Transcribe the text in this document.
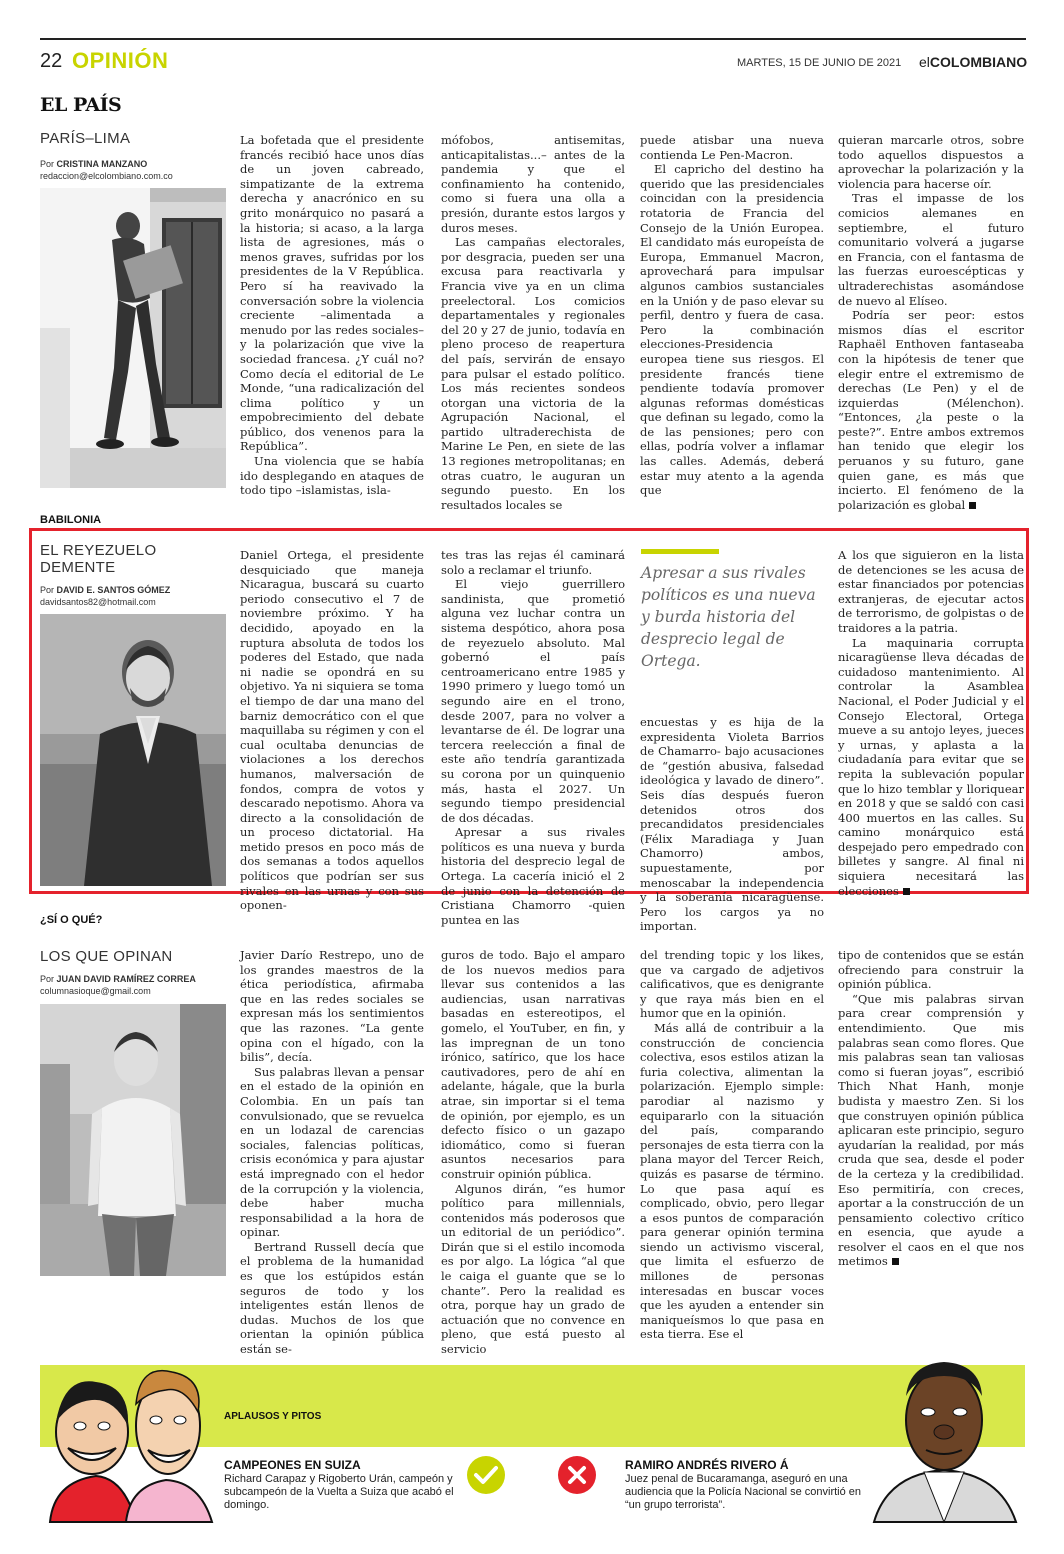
22 OPINIÓN	MARTES, 15 DE JUNIO DE 2021 elCOLOMBIANO
EL PAÍS
PARÍS–LIMA
Por CRISTINA MANZANO
redaccion@elcolombiano.com.co

La bofetada que el presidente francés recibió hace unos días de un joven cabreado, simpatizante de la extrema derecha y anacrónico en su grito monárquico no pasará a la historia; si acaso, a la larga lista de agresiones, más o menos graves, sufridas por los presidentes de la V República. Pero sí ha reavivado la conversación sobre la violencia creciente –alimentada a menudo por las redes sociales– y la polarización que vive la sociedad francesa. ¿Y cuál no? Como decía el editorial de Le Monde, “una radicalización del clima político y un empobrecimiento del debate público, dos venenos para la República”.

Una violencia que se había ido desplegando en ataques de todo tipo –islamistas, isla-

mófobos, antisemitas, anticapitalistas...– antes de la pandemia y que el confinamiento ha contenido, como si fuera una olla a presión, durante estos largos y duros meses.

Las campañas electorales, por desgracia, pueden ser una excusa para reactivarla y Francia vive ya en un clima preelectoral. Los comicios departamentales y regionales del 20 y 27 de junio, todavía en pleno proceso de reapertura del país, servirán de ensayo para pulsar el estado político. Los más recientes sondeos otorgan una victoria de la Agrupación Nacional, el partido ultraderechista de Marine Le Pen, en siete de las 13 regiones metropolitanas; en otras cuatro, le auguran un segundo puesto. En los resultados locales se

puede atisbar una nueva contienda Le Pen-Macron.

El capricho del destino ha querido que las presidenciales coincidan con la presidencia rotatoria de Francia del Consejo de la Unión Europea. El candidato más europeísta de Europa, Emmanuel Macron, aprovechará para impulsar algunos cambios sustanciales en la Unión y de paso elevar su perfil, dentro y fuera de casa. Pero la combinación elecciones-Presidencia europea tiene sus riesgos. El presidente francés tiene pendiente todavía promover algunas reformas domésticas que definan su legado, como la de las pensiones; pero con ellas, podría volver a inflamar las calles. Además, deberá estar muy atento a la agenda que

quieran marcarle otros, sobre todo aquellos dispuestos a aprovechar la polarización y la violencia para hacerse oír.

Tras el impasse de los comicios alemanes en septiembre, el futuro comunitario volverá a jugarse en Francia, con el fantasma de las fuerzas euroescépticas y ultraderechistas asomándose de nuevo al Elíseo.

Podría ser peor: estos mismos días el escritor Raphaël Enthoven fantaseaba con la hipótesis de tener que elegir entre el extremismo de derechas (Le Pen) y el de izquierdas (Mélenchon). “Entonces, ¿la peste o la peste?”. Entre ambos extremos han tenido que elegir los peruanos y su futuro, gane quien gane, es más que incierto. El fenómeno de la polarización es global

BABILONIA
EL REYEZUELO DEMENTE
Por DAVID E. SANTOS GÓMEZ
davidsantos82@hotmail.com

Daniel Ortega, el presidente desquiciado que maneja Nicaragua, buscará su cuarto periodo consecutivo el 7 de noviembre próximo. Y ha decidido, apoyado en la ruptura absoluta de todos los poderes del Estado, que nada ni nadie se opondrá en su objetivo. Ya ni siquiera se toma el tiempo de dar una mano del barniz democrático con el que maquillaba su régimen y con el cual ocultaba denuncias de violaciones a los derechos humanos, malversación de fondos, compra de votos y descarado nepotismo. Ahora va directo a la consolidación de un proceso dictatorial. Ha metido presos en poco más de dos semanas a todos aquellos políticos que podrían ser sus rivales en las urnas y con sus oponen-

tes tras las rejas él caminará solo a reclamar el triunfo.

El viejo guerrillero sandinista, que prometió alguna vez luchar contra un sistema despótico, ahora posa de reyezuelo absoluto. Mal gobernó el país centroamericano entre 1985 y 1990 primero y luego tomó un segundo aire en el trono, desde 2007, para no volver a levantarse de él. De lograr una tercera reelección a final de este año tendría garantizada su corona por un quinquenio más, hasta el 2027. Un segundo tiempo presidencial de dos décadas.

Apresar a sus rivales políticos es una nueva y burda historia del desprecio legal de Ortega. La cacería inició el 2 de junio con la detención de Cristiana Chamorro -quien puntea en las

Apresar a sus rivales políticos es una nueva y burda historia del desprecio legal de Ortega.

encuestas y es hija de la expresidenta Violeta Barrios de Chamarro- bajo acusaciones de “gestión abusiva, falsedad ideológica y lavado de dinero”. Seis días después fueron detenidos otros dos precandidatos presidenciales (Félix Maradiaga y Juan Chamorro) ambos, supuestamente, por menoscabar la independencia y la soberanía nicaragüense. Pero los cargos ya no importan.

A los que siguieron en la lista de detenciones se les acusa de estar financiados por potencias extranjeras, de ejecutar actos de terrorismo, de golpistas o de traidores a la patria.

La maquinaria corrupta nicaragüense lleva décadas de cuidadoso mantenimiento. Al controlar la Asamblea Nacional, el Poder Judicial y el Consejo Electoral, Ortega mueve a su antojo leyes, jueces y urnas, y aplasta a la ciudadanía para evitar que se repita la sublevación popular que lo hizo temblar y lloriquear en 2018 y que se saldó con casi 400 muertos en las calles. Su camino monárquico está despejado pero empedrado con billetes y sangre. Al final ni siquiera necesitará las elecciones

¿SÍ O QUÉ?
LOS QUE OPINAN
Por JUAN DAVID RAMÍREZ CORREA
columnasioque@gmail.com

Javier Darío Restrepo, uno de los grandes maestros de la ética periodística, afirmaba que en las redes sociales se expresan más los sentimientos que las razones. “La gente opina con el hígado, con la bilis”, decía.

Sus palabras llevan a pensar en el estado de la opinión en Colombia. En un país tan convulsionado, que se revuelca en un lodazal de carencias sociales, falencias políticas, crisis económica y para ajustar está impregnado con el hedor de la corrupción y la violencia, debe haber mucha responsabilidad a la hora de opinar.

Bertrand Russell decía que el problema de la humanidad es que los estúpidos están seguros de todo y los inteligentes están llenos de dudas. Muchos de los que orientan la opinión pública están se-

guros de todo. Bajo el amparo de los nuevos medios para llevar sus contenidos a las audiencias, usan narrativas basadas en estereotipos, el gomelo, el YouTuber, en fin, y las impregnan de un tono irónico, satírico, que los hace cautivadores, pero de ahí en adelante, hágale, que la burla atrae, sin importar si el tema de opinión, por ejemplo, es un defecto físico o un gazapo idiomático, como si fueran asuntos necesarios para construir opinión pública.

Algunos dirán, “es humor político para millennials, contenidos más poderosos que un editorial de un periódico”. Dirán que si el estilo incomoda es por algo. La lógica “al que le caiga el guante que se lo chante”. Pero la realidad es otra, porque hay un grado de actuación que no convence en pleno, que está puesto al servicio

del trending topic y los likes, que va cargado de adjetivos calificativos, que es denigrante y que raya más bien en el humor que en la opinión.

Más allá de contribuir a la construcción de conciencia colectiva, esos estilos atizan la furia colectiva, alimentan la polarización. Ejemplo simple: parodiar al nazismo y equipararlo con la situación del país, comparando personajes de esta tierra con la plana mayor del Tercer Reich, quizás es pasarse de término. Lo que pasa aquí es complicado, obvio, pero llegar a esos puntos de comparación para generar opinión termina siendo un activismo visceral, que limita el esfuerzo de millones de personas interesadas en buscar voces que les ayuden a entender sin maniqueísmos lo que pasa en esta tierra. Ese el

tipo de contenidos que se están ofreciendo para construir la opinión pública.

“Que mis palabras sirvan para crear comprensión y entendimiento. Que mis palabras sean como flores. Que mis palabras sean tan valiosas como si fueran joyas”, escribió Thich Nhat Hanh, monje budista y maestro Zen. Si los que construyen opinión pública aplicaran este principio, seguro ayudarían la realidad, por más cruda que sea, desde el poder de la certeza y la credibilidad. Eso permitiría, con creces, aportar a la construcción de un pensamiento colectivo crítico en esencia, que ayude a resolver el caos en el que nos metimos

APLAUSOS Y PITOS
CAMPEONES EN SUIZA
Richard Carapaz y Rigoberto Urán, campeón y subcampeón de la Vuelta a Suiza que acabó el domingo.
RAMIRO ANDRÉS RIVERO Á
Juez penal de Bucaramanga, aseguró en una audiencia que la Policía Nacional se convirtió en “un grupo terrorista”.
